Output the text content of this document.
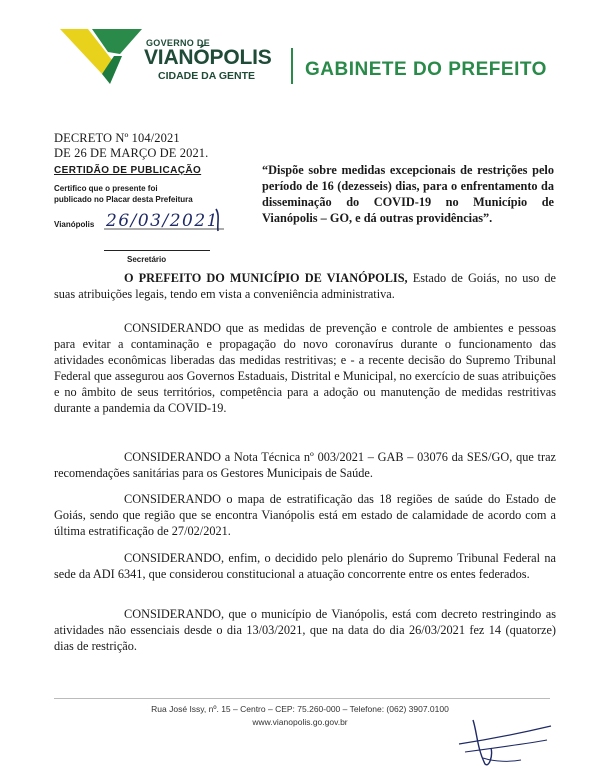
GOVERNO DE
VIANÓPOLIS
CIDADE DA GENTE	GABINETE DO PREFEITO
DECRETO Nº 104/2021
DE 26 DE MARÇO DE 2021.
CERTIDÃO DE PUBLICAÇÃO
Certifico que o presente foi
publicado no Placar desta Prefeitura
Vianópolis 26/03/2021
Secretário
“Dispõe sobre medidas excepcionais de restrições pelo período de 16 (dezesseis) dias, para o enfrentamento da disseminação do COVID-19 no Município de Vianópolis – GO, e dá outras providências”.

O PREFEITO DO MUNICÍPIO DE VIANÓPOLIS, Estado de Goiás, no uso de suas atribuições legais, tendo em vista a conveniência administrativa.

CONSIDERANDO que as medidas de prevenção e controle de ambientes e pessoas para evitar a contaminação e propagação do novo coronavírus durante o funcionamento das atividades econômicas liberadas das medidas restritivas; e - a recente decisão do Supremo Tribunal Federal que assegurou aos Governos Estaduais, Distrital e Municipal, no exercício de suas atribuições e no âmbito de seus territórios, competência para a adoção ou manutenção de medidas restritivas durante a pandemia da COVID-19.

CONSIDERANDO a Nota Técnica nº 003/2021 – GAB – 03076 da SES/GO, que traz recomendações sanitárias para os Gestores Municipais de Saúde.

CONSIDERANDO o mapa de estratificação das 18 regiões de saúde do Estado de Goiás, sendo que região que se encontra Vianópolis está em estado de calamidade de acordo com a última estratificação de 27/02/2021.

CONSIDERANDO, enfim, o decidido pelo plenário do Supremo Tribunal Federal na sede da ADI 6341, que considerou constitucional a atuação concorrente entre os entes federados.

CONSIDERANDO, que o município de Vianópolis, está com decreto restringindo as atividades não essenciais desde o dia 13/03/2021, que na data do dia 26/03/2021 fez 14 (quatorze) dias de restrição.

Rua José Issy, nº. 15 – Centro – CEP: 75.260-000 – Telefone: (062) 3907.0100
www.vianopolis.go.gov.br
